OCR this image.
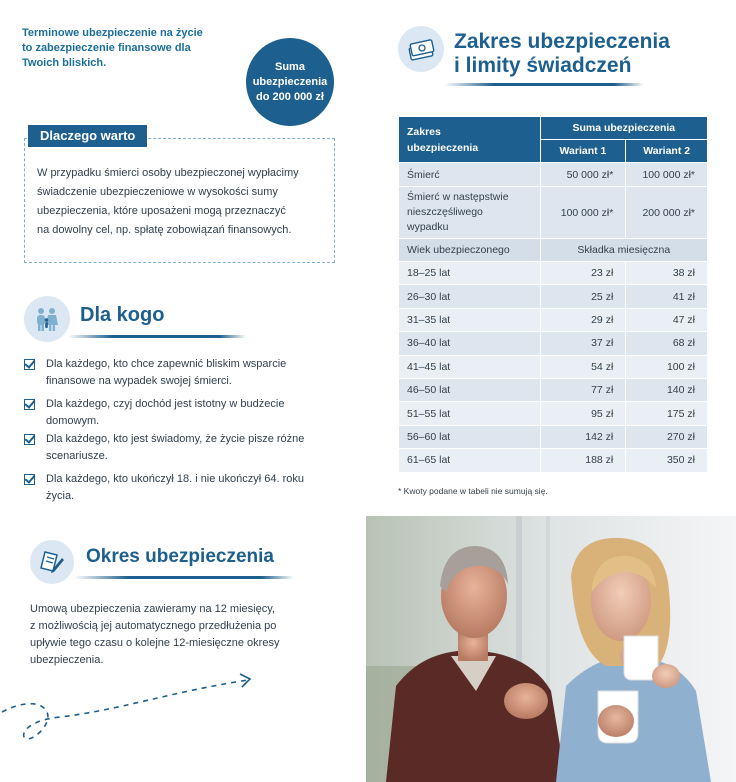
Terminowe ubezpieczenie na życie
to zabezpieczenie finansowe dla
Twoich bliskich.	Suma
ubezpieczenia
do 200 000 zł
Dlaczego warto
W przypadku śmierci osoby ubezpieczonej wypłacimy
świadczenie ubezpieczeniowe w wysokości sumy
ubezpieczenia, które uposażeni mogą przeznaczyć
na dowolny cel, np. spłatę zobowiązań finansowych.
Dla kogo
Dla każdego, kto chce zapewnić bliskim wsparcie
finansowe na wypadek swojej śmierci.
Dla każdego, czyj dochód jest istotny w budżecie
domowym.
Dla każdego, kto jest świadomy, że życie pisze różne
scenariusze.
Dla każdego, kto ukończył 18. i nie ukończył 64. roku
życia.
Okres ubezpieczenia
Umową ubezpieczenia zawieramy na 12 miesięcy,
z możliwością jej automatycznego przedłużenia po
upływie tego czasu o kolejne 12-miesięczne okresy
ubezpieczenia.
Zakres ubezpieczenia
i limity świadczeń
Zakres
ubezpieczenia	Suma ubezpieczenia	
	Wariant 1	Wariant 2
Śmierć	50 000 zł*	100 000 zł*

Śmierć w następstwie
nieszczęśliwego
wypadku	100 000 zł*	200 000 zł*
Wiek ubezpieczonego	Składka miesięczna	
18–25 lat	23 zł	38 zł
26–30 lat	25 zł	41 zł
31–35 lat	29 zł	47 zł
36–40 lat	37 zł	68 zł
41–45 lat	54 zł	100 zł
46–50 lat	77 zł	140 zł
51–55 lat	95 zł	175 zł
56–60 lat	142 zł	270 zł
61–65 lat	188 zł	350 zł
* Kwoty podane w tabeli nie sumują się.
